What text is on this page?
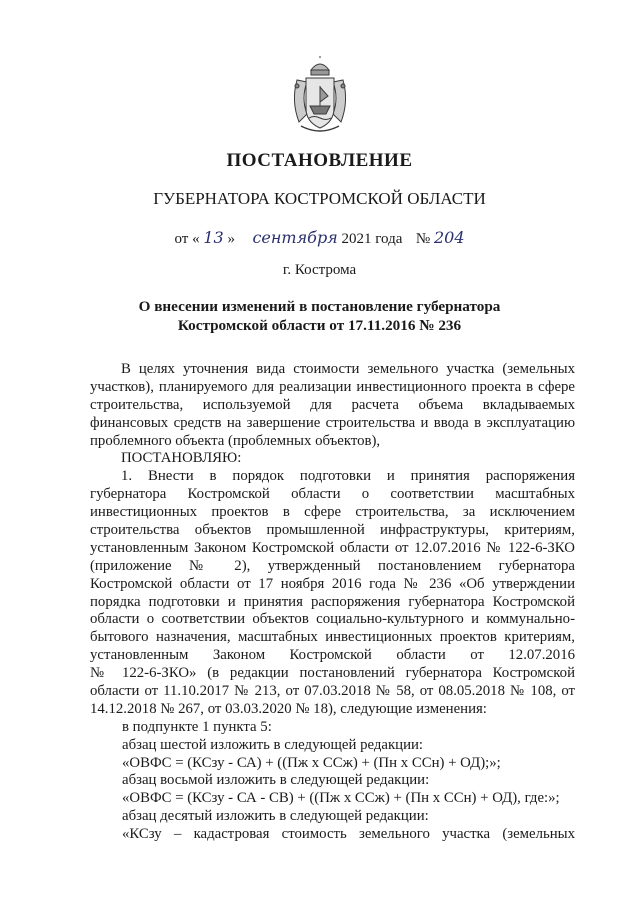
ПОСТАНОВЛЕНИЕ
ГУБЕРНАТОРА КОСТРОМСКОЙ ОБЛАСТИ
от « 13 » сентября 2021 года № 204
г. Кострома
О внесении изменений в постановление губернатора
Костромской области от 17.11.2016 № 236
В целях уточнения вида стоимости земельного участка (земельных
участков), планируемого для реализации инвестиционного проекта в сфере
строительства, используемой для расчета объема вкладываемых
финансовых средств на завершение строительства и ввода в эксплуатацию
проблемного объекта (проблемных объектов),
ПОСТАНОВЛЯЮ:
1. Внести в порядок подготовки и принятия распоряжения
губернатора Костромской области о соответствии масштабных
инвестиционных проектов в сфере строительства, за исключением
строительства объектов промышленной инфраструктуры, критериям,
установленным Законом Костромской области от 12.07.2016 № 122-6-ЗКО
(приложение № 2), утвержденный постановлением губернатора
Костромской области от 17 ноября 2016 года № 236 «Об утверждении
порядка подготовки и принятия распоряжения губернатора Костромской
области о соответствии объектов социально-культурного и коммунально-
бытового назначения, масштабных инвестиционных проектов критериям,
установленным Законом Костромской области от 12.07.2016
№ 122-6-ЗКО» (в редакции постановлений губернатора Костромской
области от 11.10.2017 № 213, от 07.03.2018 № 58, от 08.05.2018 № 108, от
14.12.2018 № 267, от 03.03.2020 № 18), следующие изменения:
в подпункте 1 пункта 5:
абзац шестой изложить в следующей редакции:
«ОВФС = (КСзу - СА) + ((Пж х ССж) + (Пн х ССн) + ОД);»;
абзац восьмой изложить в следующей редакции:
«ОВФС = (КСзу - СА - СВ) + ((Пж х ССж) + (Пн х ССн) + ОД), где:»;
абзац десятый изложить в следующей редакции:
«КСзу – кадастровая стоимость земельного участка (земельных
